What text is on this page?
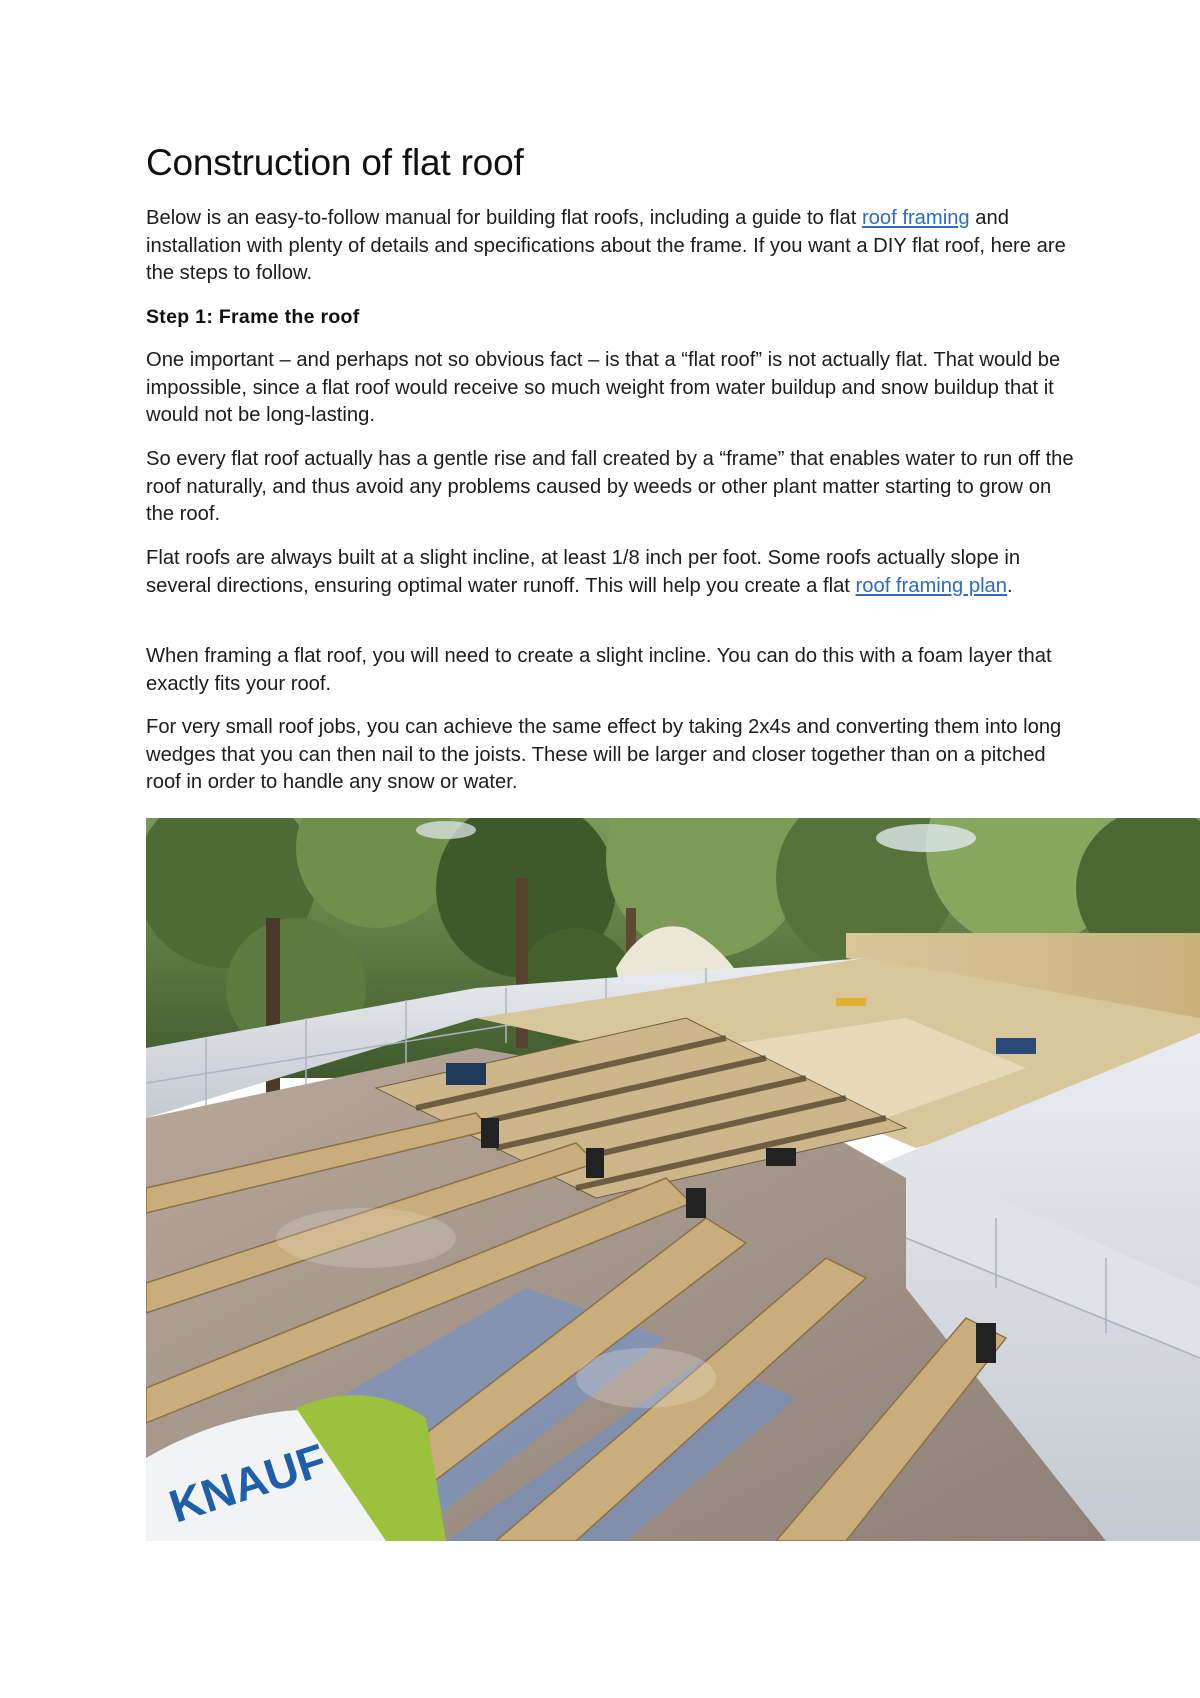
Construction of flat roof

Below is an easy-to-follow manual for building flat roofs, including a guide to flat roof framing and installation with plenty of details and specifications about the frame. If you want a DIY flat roof, here are the steps to follow.

Step 1: Frame the roof

One important – and perhaps not so obvious fact – is that a “flat roof” is not actually flat. That would be impossible, since a flat roof would receive so much weight from water buildup and snow buildup that it would not be long-lasting.

So every flat roof actually has a gentle rise and fall created by a “frame” that enables water to run off the roof naturally, and thus avoid any problems caused by weeds or other plant matter starting to grow on the roof.

Flat roofs are always built at a slight incline, at least 1/8 inch per foot. Some roofs actually slope in several directions, ensuring optimal water runoff. This will help you create a flat roof framing plan.

When framing a flat roof, you will need to create a slight incline. You can do this with a foam layer that exactly fits your roof.

For very small roof jobs, you can achieve the same effect by taking 2x4s and converting them into long wedges that you can then nail to the joists. These will be larger and closer together than on a pitched roof in order to handle any snow or water.

KNAUF
